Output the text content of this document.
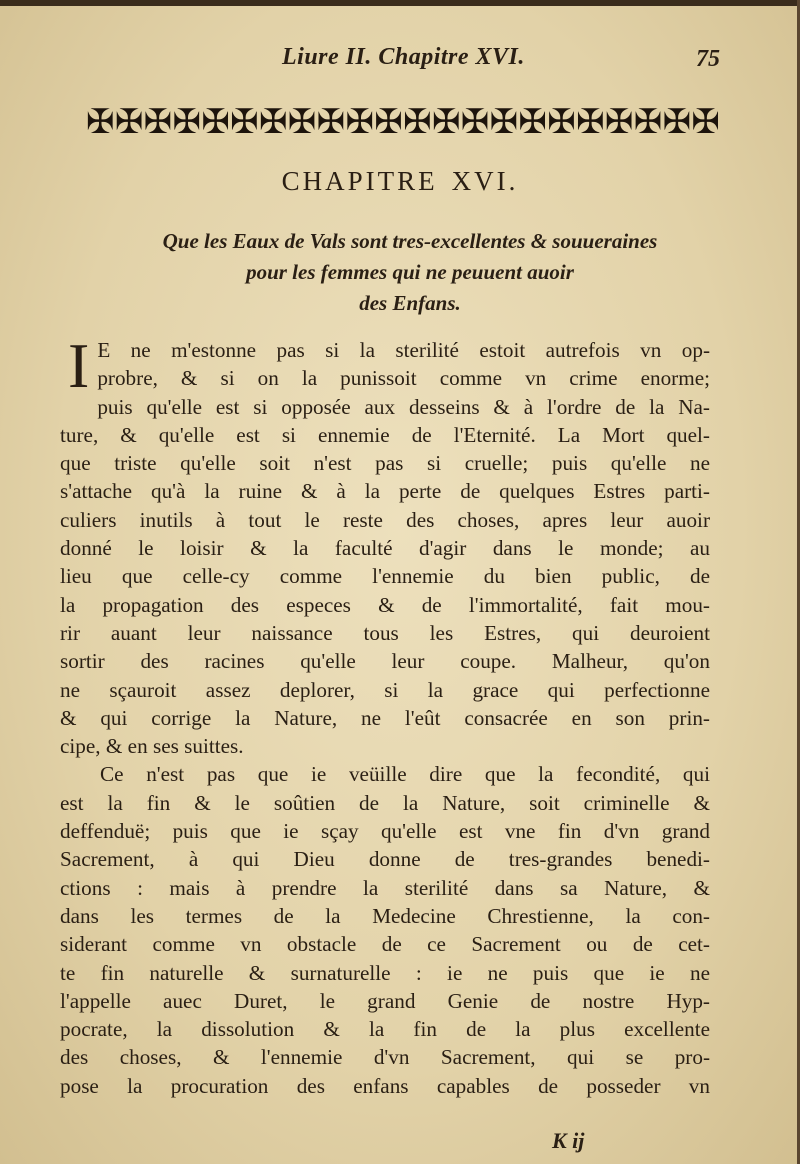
Liure II. Chapitre XVI.	75
✠ ✠ ✠ ✠ ✠ ✠ ✠ ✠ ✠ ✠ ✠ ✠ ✠ ✠ ✠ ✠ ✠ ✠ ✠ ✠ ✠ ✠
CHAPITRE XVI.
Que les Eaux de Vals sont tres-excellentes & souueraines
pour les femmes qui ne peuuent auoir
des Enfans.
I E ne m'estonne pas si la sterilité estoit autrefois vn op-
probre, & si on la punissoit comme vn crime enorme;
puis qu'elle est si opposée aux desseins & à l'ordre de la Na-
ture, & qu'elle est si ennemie de l'Eternité. La Mort quel-
que triste qu'elle soit n'est pas si cruelle; puis qu'elle ne
s'attache qu'à la ruine & à la perte de quelques Estres parti-
culiers inutils à tout le reste des choses, apres leur auoir
donné le loisir & la faculté d'agir dans le monde; au
lieu que celle-cy comme l'ennemie du bien public, de
la propagation des especes & de l'immortalité, fait mou-
rir auant leur naissance tous les Estres, qui deuroient
sortir des racines qu'elle leur coupe. Malheur, qu'on
ne sçauroit assez deplorer, si la grace qui perfectionne
& qui corrige la Nature, ne l'eût consacrée en son prin-
cipe, & en ses suittes.
Ce n'est pas que ie veüille dire que la fecondité, qui
est la fin & le soûtien de la Nature, soit criminelle &
deffenduë; puis que ie sçay qu'elle est vne fin d'vn grand
Sacrement, à qui Dieu donne de tres-grandes benedi-
ctions : mais à prendre la sterilité dans sa Nature, &
dans les termes de la Medecine Chrestienne, la con-
siderant comme vn obstacle de ce Sacrement ou de cet-
te fin naturelle & surnaturelle : ie ne puis que ie ne
l'appelle auec Duret, le grand Genie de nostre Hyp-
pocrate, la dissolution & la fin de la plus excellente
des choses, & l'ennemie d'vn Sacrement, qui se pro-
pose la procuration des enfans capables de posseder vn
K ij
